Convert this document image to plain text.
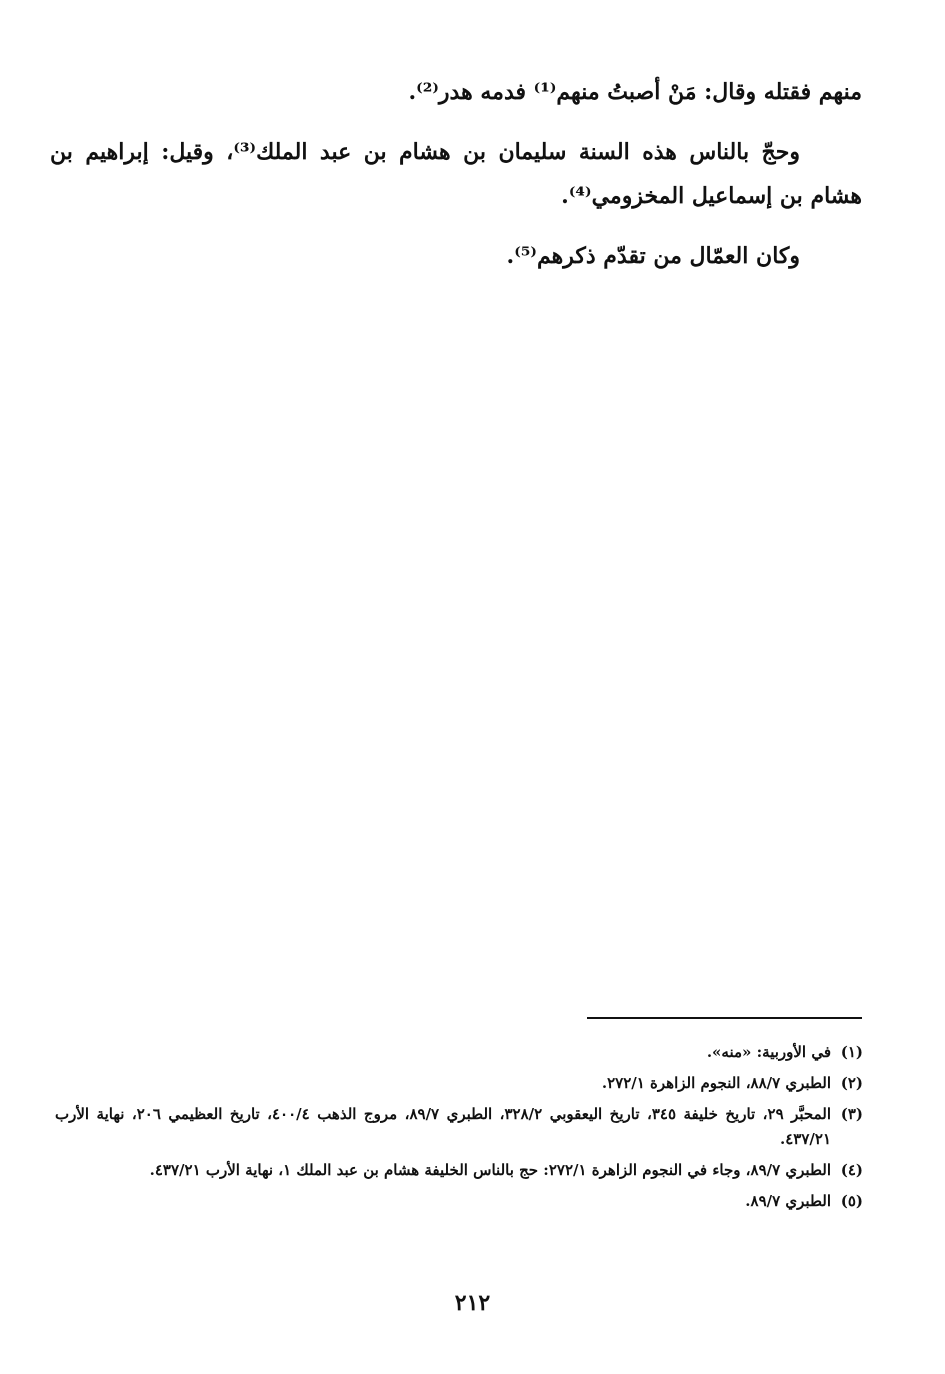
منهم فقتله وقال: مَنْ أصبتُ منهم⁽¹⁾ فدمه هدر⁽²⁾.

وحجّ بالناس هذه السنة سليمان بن هشام بن عبد الملك⁽³⁾، وقيل: إبراهيم بن هشام بن إسماعيل المخزومي⁽⁴⁾.

وكان العمّال من تقدّم ذكرهم⁽⁵⁾.

(١)
في الأوربية: «منه».
(٢)
الطبري ٨٨/٧، النجوم الزاهرة ٢٧٢/١.
(٣)
المحبَّر ٢٩، تاريخ خليفة ٣٤٥، تاريخ اليعقوبي ٣٢٨/٢، الطبري ٨٩/٧، مروج الذهب ٤٠٠/٤، تاريخ العظيمي ٢٠٦، نهاية الأرب ٤٣٧/٢١.
(٤)
الطبري ٨٩/٧، وجاء في النجوم الزاهرة ٢٧٢/١: حج بالناس الخليفة هشام بن عبد الملك ١، نهاية الأرب ٤٣٧/٢١.
(٥)
الطبري ٨٩/٧.
٢١٢
